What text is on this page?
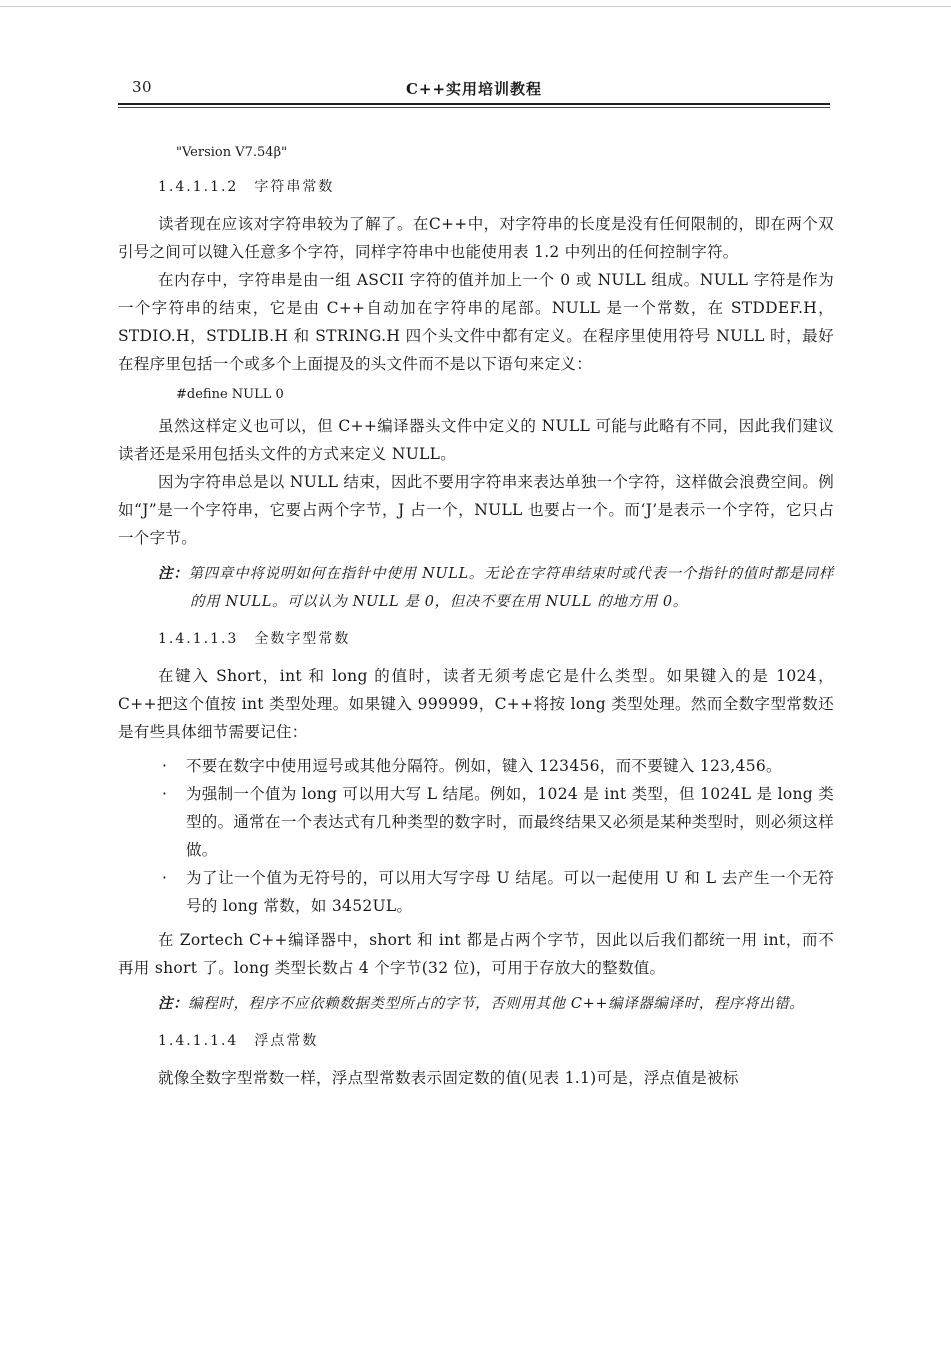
30	C++实用培训教程

"Version V7.54β"

1.4.1.1.2　字符串常数

读者现在应该对字符串较为了解了。在C++中，对字符串的长度是没有任何限制的，即在两个双引号之间可以键入任意多个字符，同样字符串中也能使用表 1.2 中列出的任何控制字符。

在内存中，字符串是由一组 ASCII 字符的值并加上一个 0 或 NULL 组成。NULL 字符是作为一个字符串的结束，它是由 C++自动加在字符串的尾部。NULL 是一个常数，在 STDDEF.H，STDIO.H，STDLIB.H 和 STRING.H 四个头文件中都有定义。在程序里使用符号 NULL 时，最好在程序里包括一个或多个上面提及的头文件而不是以下语句来定义：

#define NULL 0

虽然这样定义也可以，但 C++编译器头文件中定义的 NULL 可能与此略有不同，因此我们建议读者还是采用包括头文件的方式来定义 NULL。

因为字符串总是以 NULL 结束，因此不要用字符串来表达单独一个字符，这样做会浪费空间。例如“J”是一个字符串，它要占两个字节，J 占一个，NULL 也要占一个。而‘J’是表示一个字符，它只占一个字节。

注：第四章中将说明如何在指针中使用 NULL。无论在字符串结束时或代表一个指针的值时都是同样的用 NULL。可以认为 NULL 是 0，但决不要在用 NULL 的地方用 0。
1.4.1.1.3　全数字型常数

在键入 Short，int 和 long 的值时，读者无须考虑它是什么类型。如果键入的是 1024，C++把这个值按 int 类型处理。如果键入 999999，C++将按 long 类型处理。然而全数字型常数还是有些具体细节需要记住：

· 不要在数字中使用逗号或其他分隔符。例如，键入 123456，而不要键入 123,456。
· 为强制一个值为 long 可以用大写 L 结尾。例如，1024 是 int 类型，但 1024L 是 long 类型的。通常在一个表达式有几种类型的数字时，而最终结果又必须是某种类型时，则必须这样做。
· 为了让一个值为无符号的，可以用大写字母 U 结尾。可以一起使用 U 和 L 去产生一个无符号的 long 常数，如 3452UL。

在 Zortech C++编译器中，short 和 int 都是占两个字节，因此以后我们都统一用 int，而不再用 short 了。long 类型长数占 4 个字节(32 位)，可用于存放大的整数值。

注：编程时，程序不应依赖数据类型所占的字节，否则用其他 C++编译器编译时，程序将出错。
1.4.1.1.4　浮点常数

就像全数字型常数一样，浮点型常数表示固定数的值(见表 1.1)可是，浮点值是被标
